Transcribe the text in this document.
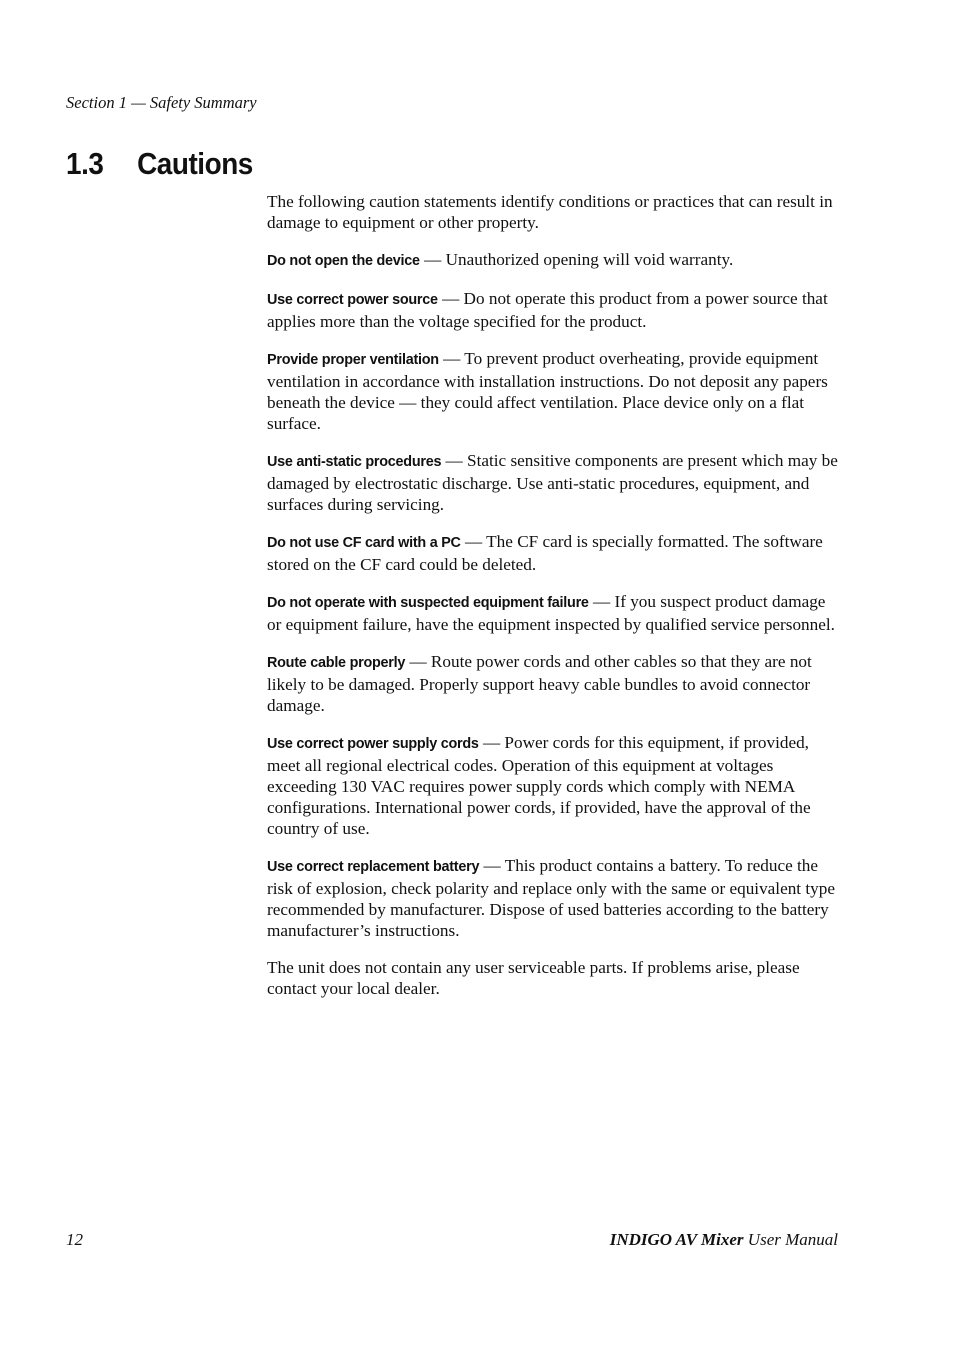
Section 1 — Safety Summary
1.3 Cautions

The following caution statements identify conditions or practices that can result in damage to equipment or other property.

Do not open the device — Unauthorized opening will void warranty.

Use correct power source — Do not operate this product from a power source that applies more than the voltage specified for the product.

Provide proper ventilation — To prevent product overheating, provide equipment ventilation in accordance with installation instructions. Do not deposit any papers beneath the device — they could affect ventilation. Place device only on a flat surface.

Use anti-static procedures — Static sensitive components are present which may be damaged by electrostatic discharge. Use anti-static procedures, equipment, and surfaces during servicing.

Do not use CF card with a PC — The CF card is specially formatted. The software stored on the CF card could be deleted.

Do not operate with suspected equipment failure — If you suspect product damage or equipment failure, have the equipment inspected by qualified service personnel.

Route cable properly — Route power cords and other cables so that they are not likely to be damaged. Properly support heavy cable bundles to avoid connector damage.

Use correct power supply cords — Power cords for this equipment, if provided, meet all regional electrical codes. Operation of this equipment at voltages exceeding 130 VAC requires power supply cords which comply with NEMA configurations. International power cords, if provided, have the approval of the country of use.

Use correct replacement battery — This product contains a battery. To reduce the risk of explosion, check polarity and replace only with the same or equivalent type recommended by manufacturer. Dispose of used batteries according to the battery manufacturer’s instructions.

The unit does not contain any user serviceable parts. If problems arise, please contact your local dealer.

12	INDIGO AV Mixer User Manual
